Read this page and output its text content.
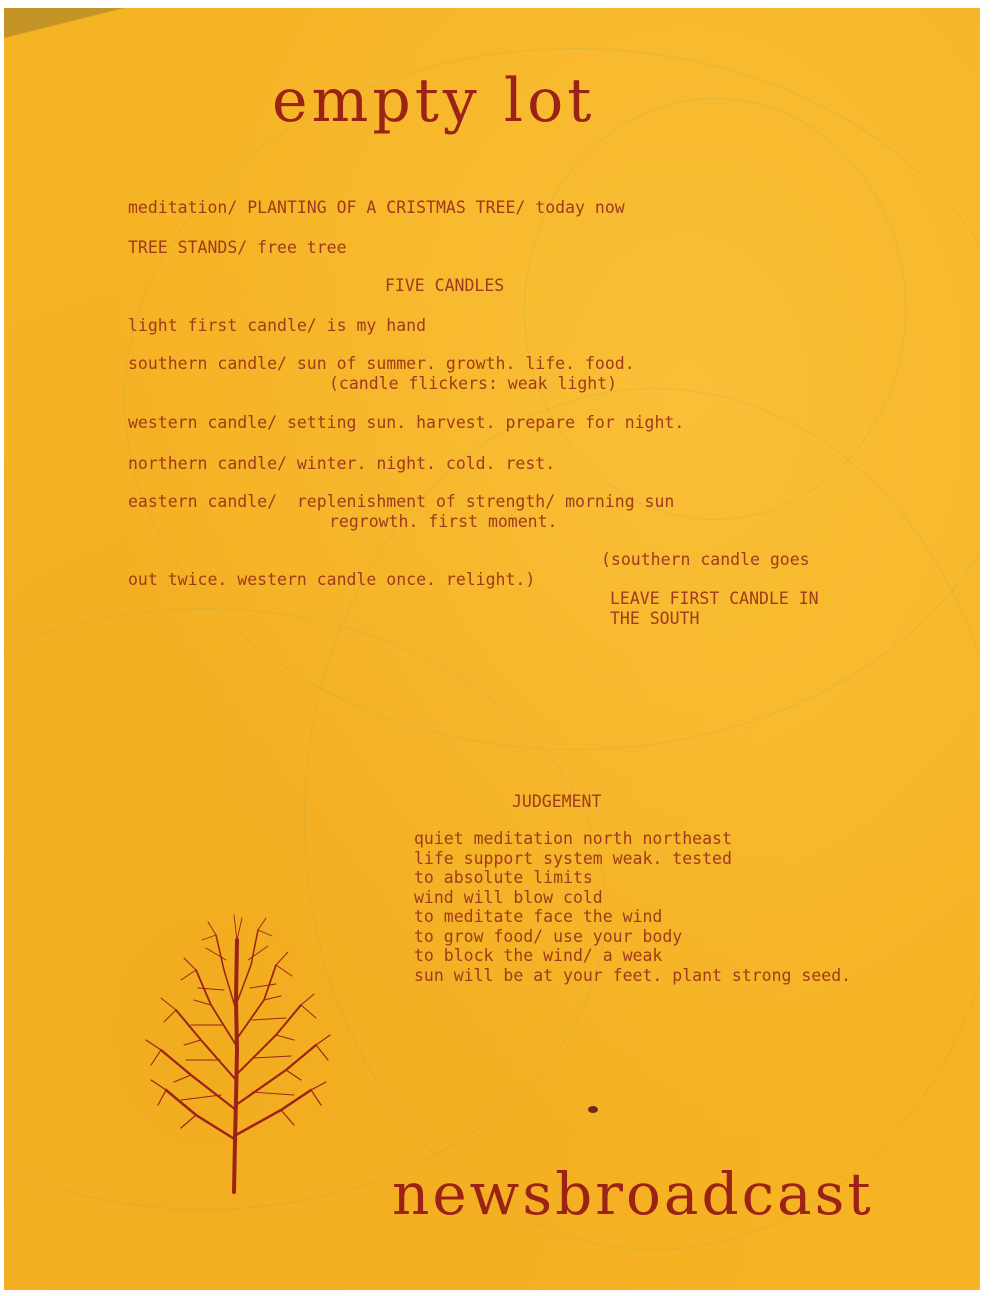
empty lot

meditation/ PLANTING OF A CRISTMAS TREE/ today now

TREE STANDS/ free tree

FIVE CANDLES

light first candle/ is my hand

southern candle/ sun of summer. growth. life. food.

(candle flickers: weak light)

western candle/ setting sun. harvest. prepare for night.

northern candle/ winter. night. cold. rest.

eastern candle/  replenishment of strength/ morning sun

regrowth. first moment.

(southern candle goes

out twice. western candle once. relight.)

LEAVE FIRST CANDLE IN

THE SOUTH

JUDGEMENT

quiet meditation north northeast

life support system weak. tested

to absolute limits

wind will blow cold

to meditate face the wind

to grow food/ use your body

to block the wind/ a weak

sun will be at your feet. plant strong seed.

newsbroadcast
